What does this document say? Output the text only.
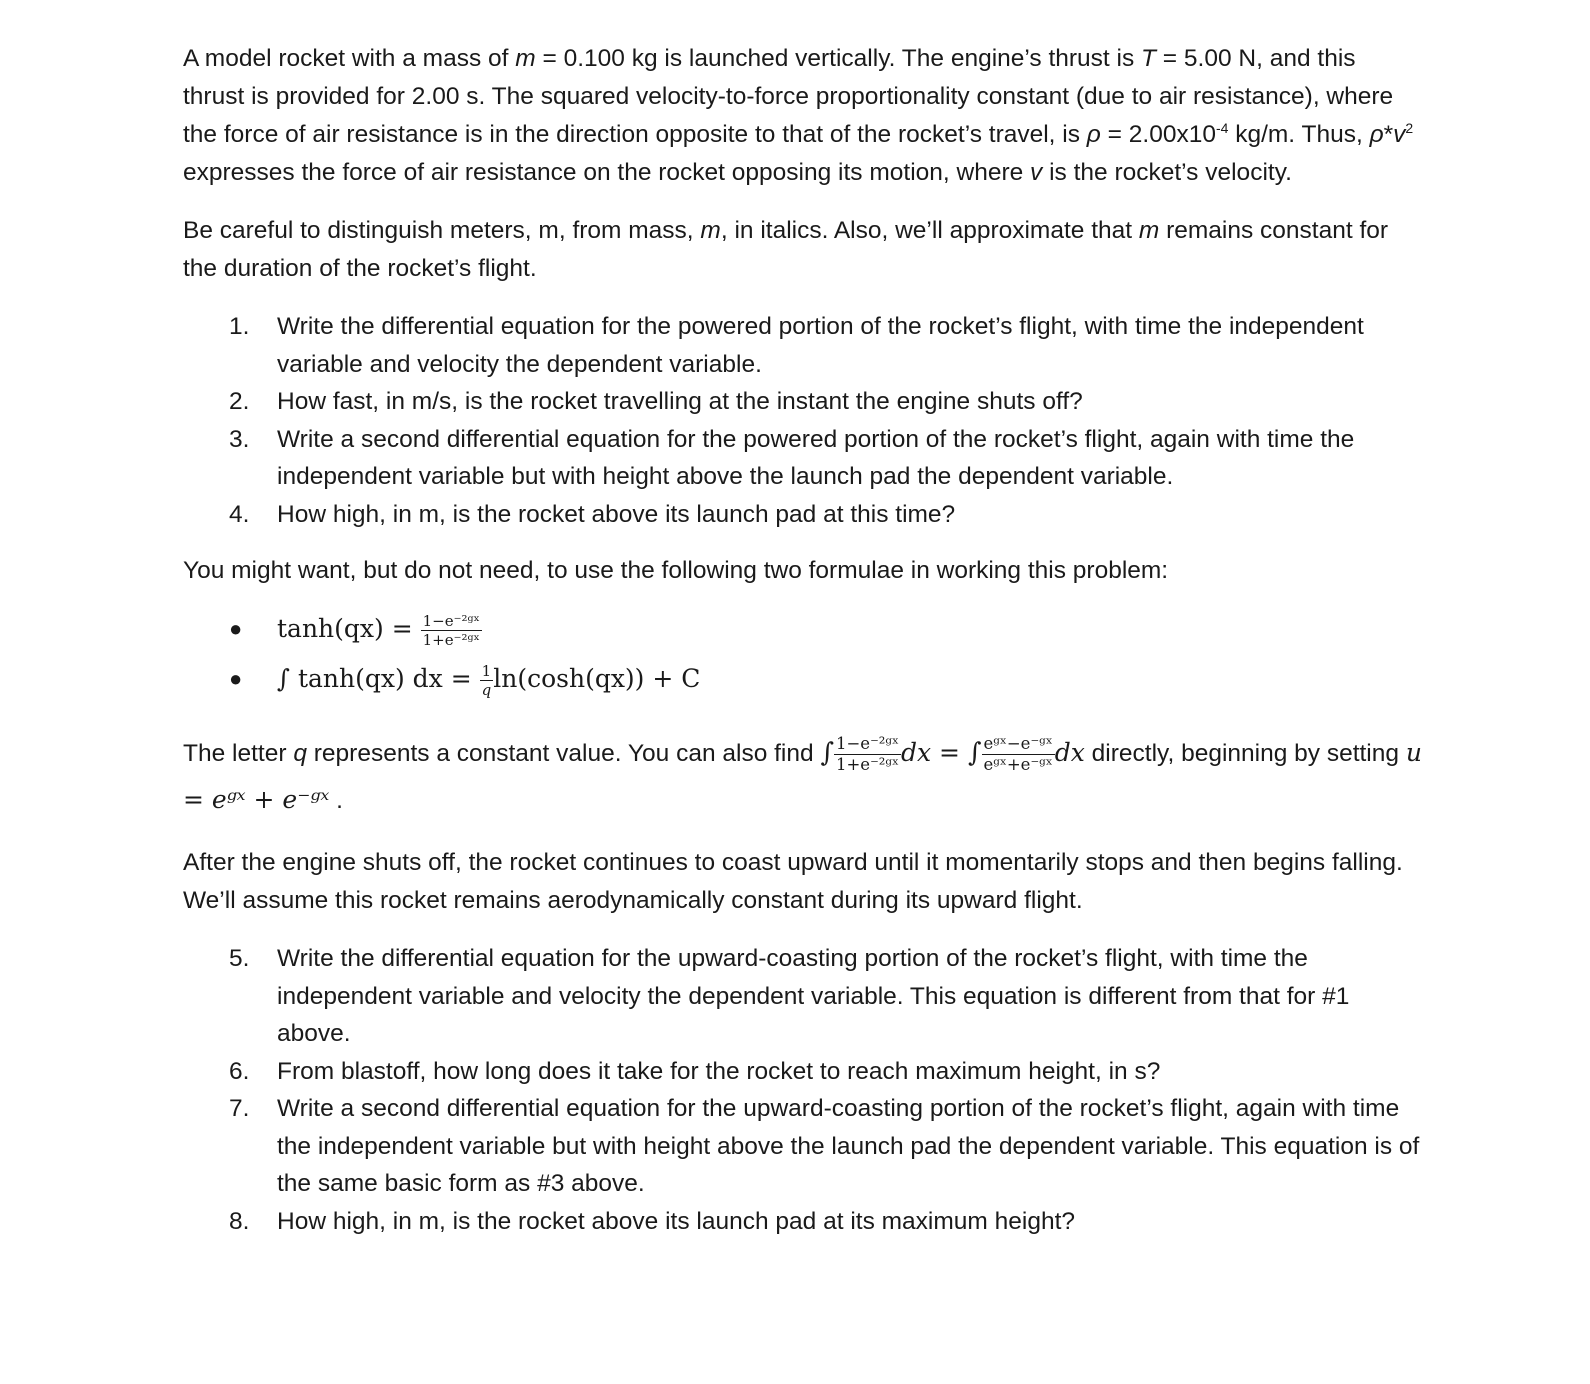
A model rocket with a mass of m = 0.100 kg is launched vertically. The engine’s thrust is T = 5.00 N, and this thrust is provided for 2.00 s. The squared velocity-to-force proportionality constant (due to air resistance), where the force of air resistance is in the direction opposite to that of the rocket’s travel, is $\rho = 2.00x10^{-4}$ kg/m. Thus, $\rho*v^2$ expresses the force of air resistance on the rocket opposing its motion, where v is the rocket’s velocity.

Be careful to distinguish meters, m, from mass, m, in italics. Also, we’ll approximate that m remains constant for the duration of the rocket’s flight.

1. Write the differential equation for the powered portion of the rocket’s flight, with time the independent variable and velocity the dependent variable.
2. How fast, in m/s, is the rocket travelling at the instant the engine shuts off?
3. Write a second differential equation for the powered portion of the rocket’s flight, again with time the independent variable but with height above the launch pad the dependent variable.
4. How high, in m, is the rocket above its launch pad at this time?

You might want, but do not need, to use the following two formulae in working this problem:

● $\tanh(qx) = \frac{\text{1−e⁻²ᵍˣ}}{\text{1+e⁻²ᵍˣ}}$
● ∫ tanh(qx) dx = $\frac{1}{q} \ln(\cosh(qx)) + C$

The letter q represents a constant value. You can also find ∫ $\frac{\text{1−e⁻²ᵍˣ}}{\text{1+e⁻²ᵍˣ}}$ dx = ∫ $\frac{\text{eᵍˣ−e⁻ᵍˣ}}{\text{eᵍˣ+e⁻ᵍˣ}}$ dx directly, beginning by setting u = eᵍˣ + e⁻ᵍˣ .

After the engine shuts off, the rocket continues to coast upward until it momentarily stops and then begins falling. We’ll assume this rocket remains aerodynamically constant during its upward flight.

5. Write the differential equation for the upward-coasting portion of the rocket’s flight, with time the independent variable and velocity the dependent variable. This equation is different from that for #1 above.
6. From blastoff, how long does it take for the rocket to reach maximum height, in s?
7. Write a second differential equation for the upward-coasting portion of the rocket’s flight, again with time the independent variable but with height above the launch pad the dependent variable. This equation is of the same basic form as #3 above.
8. How high, in m, is the rocket above its launch pad at its maximum height?
